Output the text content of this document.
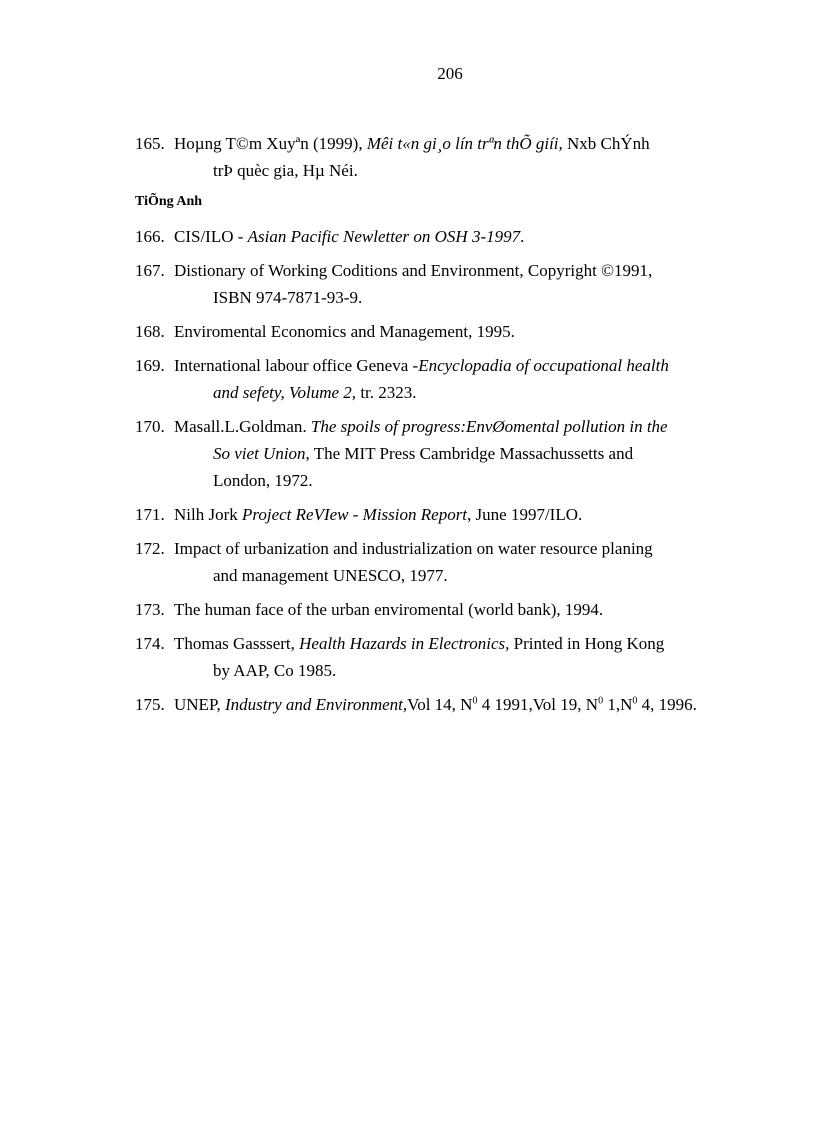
206
165. Hoµng T©m Xuyªn (1999), Mêi t«n gi¸o lín trªn thÕ giíi, Nxb ChÝnh
trÞ quèc gia, Hµ Néi.
TiÕng Anh
166. CIS/ILO - Asian Pacific Newletter on OSH 3-1997.
167. Distionary of Working Coditions and Environment, Copyright ©1991,
ISBN 974-7871-93-9.
168. Enviromental Economics and Management, 1995.
169. International labour office Geneva -Encyclopadia of occupational health
and sefety, Volume 2, tr. 2323.
170. Masall.L.Goldman. The spoils of progress:EnvØomental pollution in the
So viet Union, The MIT Press Cambridge Massachussetts and
London, 1972.
171. Nilh Jork Project ReVIew - Mission Report, June 1997/ILO.
172. Impact of urbanization and industrialization on water resource planing
and management UNESCO, 1977.
173. The human face of the urban enviromental (world bank), 1994.
174. Thomas Gasssert, Health Hazards in Electronics, Printed in Hong Kong
by AAP, Co 1985.
175. UNEP, Industry and Environment,Vol 14, $N^0$ 4 1991,Vol 19, $N^0$ $1,N^0$ 4, 1996.
